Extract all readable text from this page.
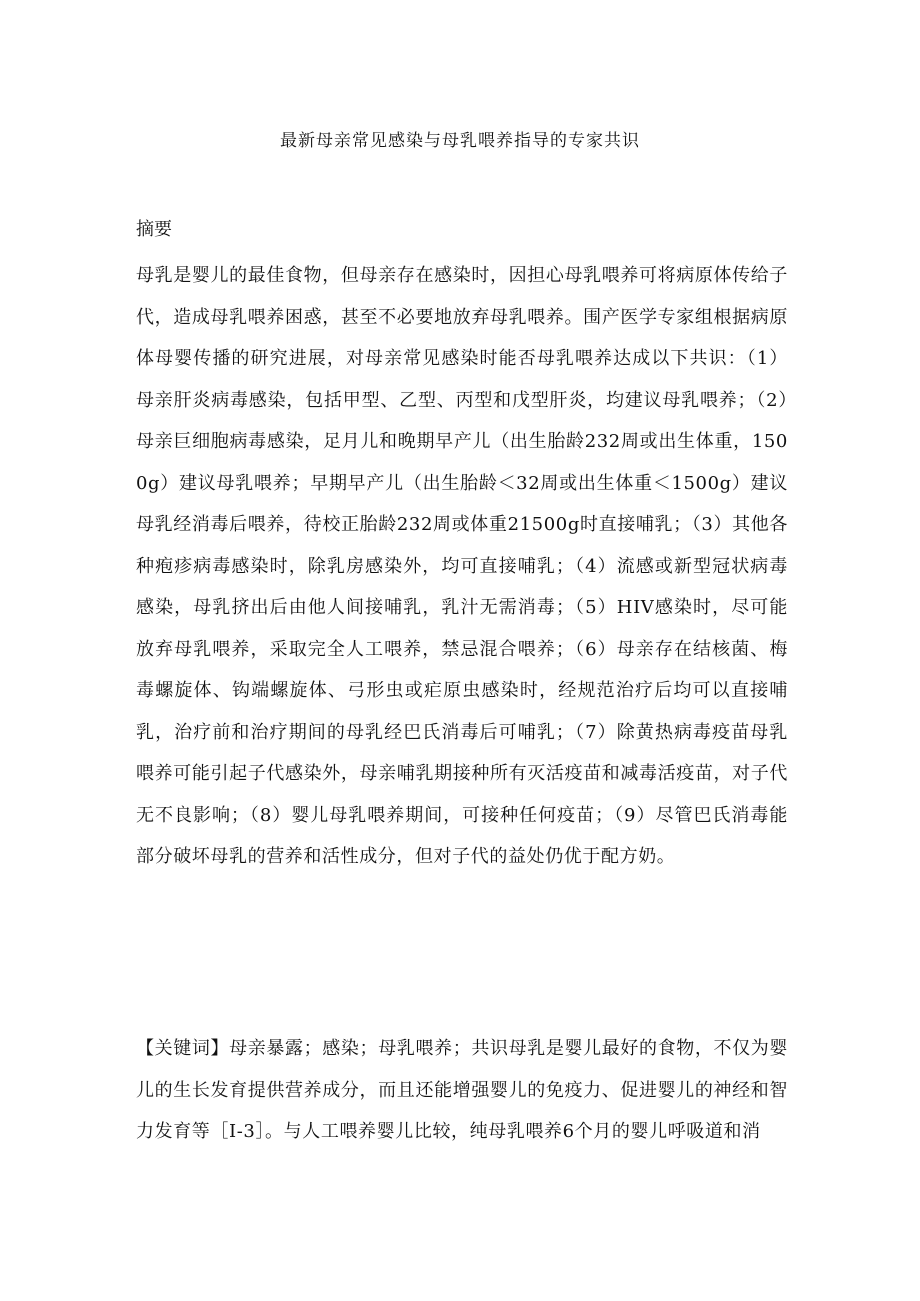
最新母亲常见感染与母乳喂养指导的专家共识
摘要

母乳是婴儿的最佳食物，但母亲存在感染时，因担心母乳喂养可将病原体传给子代，造成母乳喂养困惑，甚至不必要地放弃母乳喂养。围产医学专家组根据病原体母婴传播的研究进展，对母亲常见感染时能否母乳喂养达成以下共识：（1）母亲肝炎病毒感染，包括甲型、乙型、丙型和戊型肝炎，均建议母乳喂养；（2）母亲巨细胞病毒感染，足月儿和晚期早产儿（出生胎龄232周或出生体重，1500g）建议母乳喂养；早期早产儿（出生胎龄＜32周或出生体重＜1500g）建议母乳经消毒后喂养，待校正胎龄232周或体重21500g时直接哺乳；（3）其他各种疱疹病毒感染时，除乳房感染外，均可直接哺乳；（4）流感或新型冠状病毒感染，母乳挤出后由他人间接哺乳，乳汁无需消毒；（5）HIV感染时，尽可能放弃母乳喂养，采取完全人工喂养，禁忌混合喂养；（6）母亲存在结核菌、梅毒螺旋体、钩端螺旋体、弓形虫或疟原虫感染时，经规范治疗后均可以直接哺乳，治疗前和治疗期间的母乳经巴氏消毒后可哺乳；（7）除黄热病毒疫苗母乳喂养可能引起子代感染外，母亲哺乳期接种所有灭活疫苗和减毒活疫苗，对子代无不良影响；（8）婴儿母乳喂养期间，可接种任何疫苗；（9）尽管巴氏消毒能部分破坏母乳的营养和活性成分，但对子代的益处仍优于配方奶。

【关键词】母亲暴露；感染；母乳喂养；共识母乳是婴儿最好的食物，不仅为婴儿的生长发育提供营养成分，而且还能增强婴儿的免疫力、促进婴儿的神经和智力发育等［I-3］。与人工喂养婴儿比较，纯母乳喂养6个月的婴儿呼吸道和消
